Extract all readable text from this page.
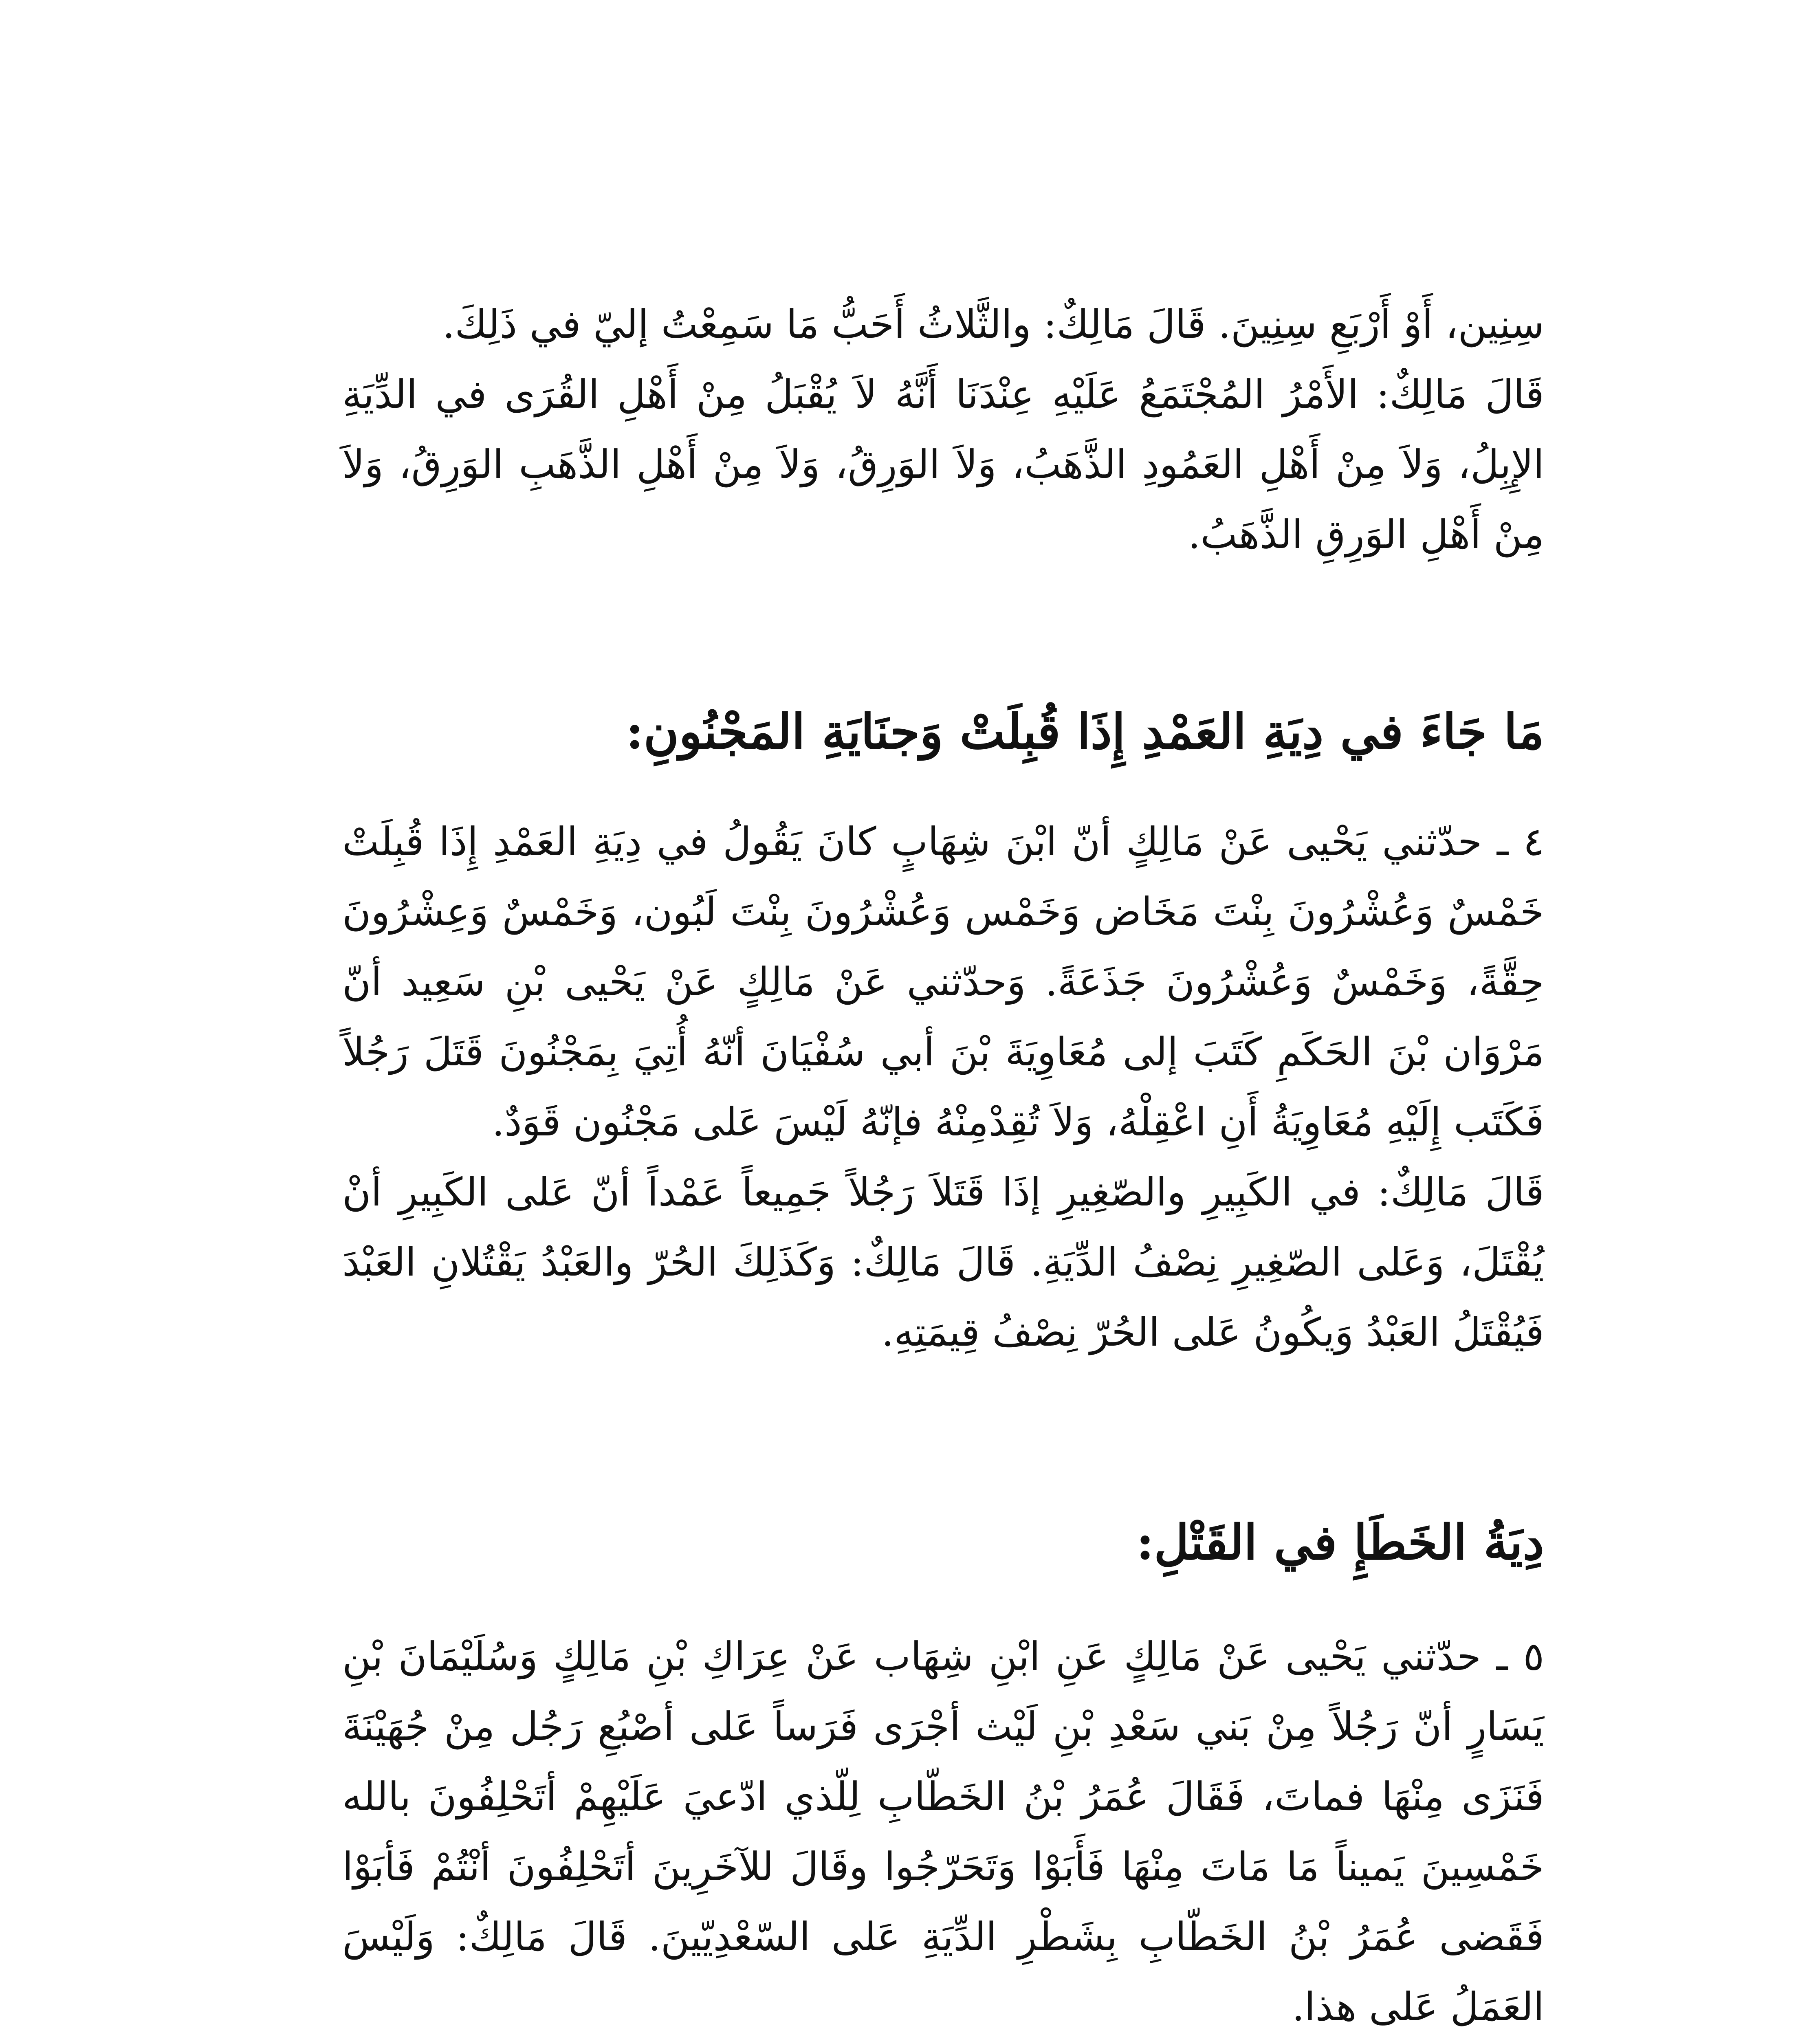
سِنِين، أَوْ أَرْبَعِ سِنِينَ. قَالَ مَالِكٌ: والثَّلاثُ أَحَبُّ مَا سَمِعْتُ إليّ في ذَلِكَ.

قَالَ مَالِكٌ: الأَمْرُ المُجْتَمَعُ عَلَيْهِ عِنْدَنَا أَنَّهُ لاَ يُقْبَلُ مِنْ أَهْلِ القُرَى في الدِّيَةِ الإِبِلُ، وَلاَ مِنْ أَهْلِ العَمُودِ الذَّهَبُ، وَلاَ الوَرِقُ، وَلاَ مِنْ أَهْلِ الذَّهَبِ الوَرِقُ، وَلاَ مِنْ أَهْلِ الوَرِقِ الذَّهَبُ.

مَا جَاءَ في دِيَةِ العَمْدِ إِذَا قُبِلَتْ وَجنَايَةِ المَجْنُونِ:

٤ ـ حدّثني يَحْيى عَنْ مَالِكٍ أنّ ابْنَ شِهَابٍ كانَ يَقُولُ في دِيَةِ العَمْدِ إِذَا قُبِلَتْ خَمْسٌ وَعُشْرُونَ بِنْتَ مَخَاض وَخَمْس وَعُشْرُونَ بِنْتَ لَبُون، وَخَمْسٌ وَعِشْرُونَ حِقَّةً، وَخَمْسٌ وَعُشْرُونَ جَذَعَةً. وَحدّثني عَنْ مَالِكٍ عَنْ يَحْيى بْنِ سَعِيد أنّ مَرْوَان بْنَ الحَكَمِ كَتَبَ إلى مُعَاوِيَةَ بْنَ أبي سُفْيَانَ أنّهُ أُتِيَ بِمَجْنُونَ قَتَلَ رَجُلاً فَكَتَب إِلَيْهِ مُعَاوِيَةُ أَنِ اعْقِلْهُ، وَلاَ تُقِدْمِنْهُ فإنّهُ لَيْسَ عَلى مَجْنُون قَوَدٌ.

قَالَ مَالِكٌ: في الكَبِيرِ والصّغِيرِ إذَا قَتَلاَ رَجُلاً جَمِيعاً عَمْداً أنّ عَلى الكَبِيرِ أنْ يُقْتَلَ، وَعَلى الصّغِيرِ نِصْفُ الدِّيَةِ. قَالَ مَالِكٌ: وَكَذَلِكَ الحُرّ والعَبْدُ يَقْتُلانِ العَبْدَ فَيُقْتَلُ العَبْدُ وَيكُونُ عَلى الحُرّ نِصْفُ قِيمَتِهِ.

دِيَةُ الخَطَإِ في القَتْلِ:

٥ ـ حدّثني يَحْيى عَنْ مَالِكٍ عَنِ ابْنِ شِهَاب عَنْ عِرَاكِ بْنِ مَالِكٍ وَسُلَيْمَانَ بْنِ يَسَارٍ أنّ رَجُلاً مِنْ بَني سَعْدِ بْنِ لَيْث أجْرَى فَرَساً عَلى أصْبُعِ رَجُل مِنْ جُهَيْنَةَ فَنَزَى مِنْهَا فماتَ، فَقَالَ عُمَرُ بْنُ الخَطّابِ لِلّذي ادّعيَ عَلَيْهِمْ أتَحْلِفُونَ بالله خَمْسِينَ يَميناً مَا مَاتَ مِنْهَا فَأَبَوْا وَتَحَرّجُوا وقَالَ للآخَرِينَ أتَحْلِفُونَ أنْتُمْ فَأبَوْا فَقَضى عُمَرُ بْنُ الخَطّابِ بِشَطْرِ الدِّيَةِ عَلى السّعْدِيّينَ. قَالَ مَالِكٌ: وَلَيْسَ العَمَلُ عَلى هذا.
